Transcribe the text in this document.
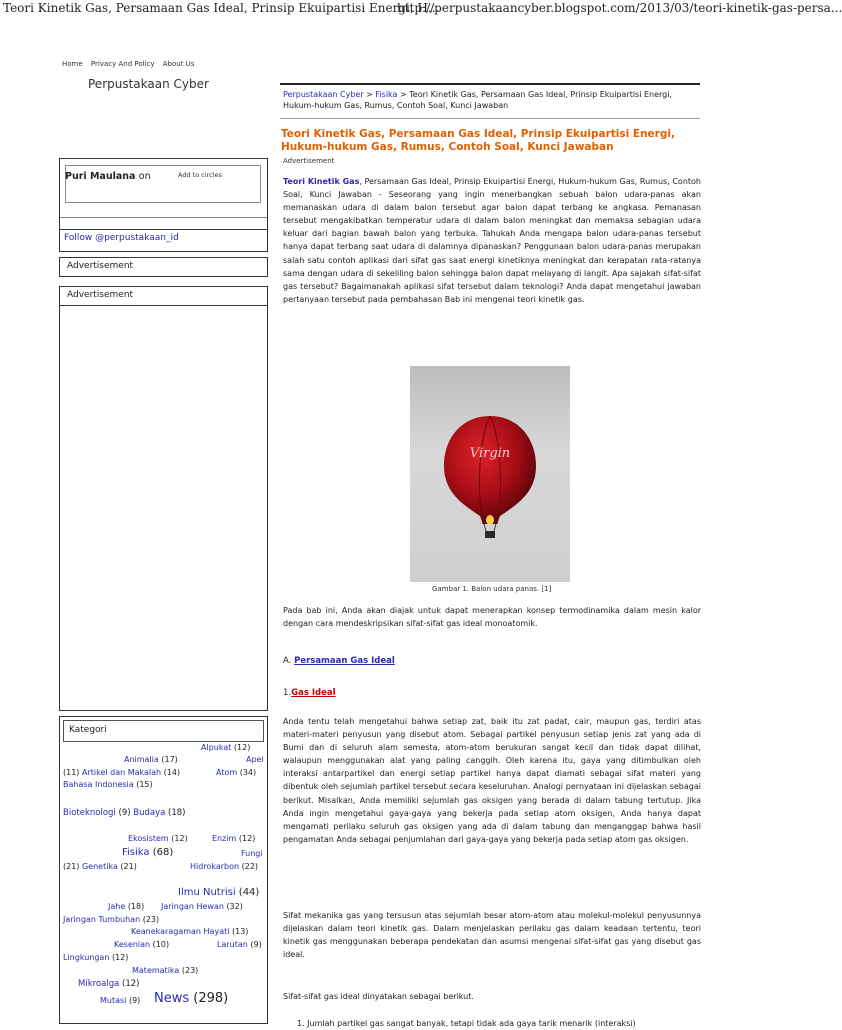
Teori Kinetik Gas, Persamaan Gas Ideal, Prinsip Ekuipartisi Energi, H...
http://perpustakaancyber.blogspot.com/2013/03/teori-kinetik-gas-persa...
Home Privacy And Policy About Us
Perpustakaan Cyber
Puri Maulana on	Add to circles
Follow @perpustakaan_id
Advertisement
Advertisement
Kategori
Alpukat (12)
Animalia (17)	Apel
(11) Artikel dan Makalah (14)	Atom (34)
Bahasa Indonesia (15)
Bioteknologi (9) Budaya (18)
Ekosistem (12)	Enzim (12)
Fisika (68)	Fungi
(21) Genetika (21)	Hidrokarbon (22)
Ilmu Nutrisi (44)
Jahe (18) Jaringan Hewan (32)
Jaringan Tumbuhan (23)
Keanekaragaman Hayati (13)
Kesenian (10)	Larutan (9)
Lingkungan (12)
Matematika (23)
Mikroalga (12)
Mutasi (9) News (298)
Perpustakaan Cyber > Fisika > Teori Kinetik Gas, Persamaan Gas Ideal, Prinsip Ekuipartisi Energi, Hukum-hukum Gas, Rumus, Contoh Soal, Kunci Jawaban
Teori Kinetik Gas, Persamaan Gas Ideal, Prinsip Ekuipartisi Energi, Hukum-hukum Gas, Rumus, Contoh Soal, Kunci Jawaban
Advertisement
Teori Kinetik Gas, Persamaan Gas Ideal, Prinsip Ekuipartisi Energi, Hukum-hukum Gas, Rumus, Contoh Soal, Kunci Jawaban - Seseorang yang ingin menerbangkan sebuah balon udara-panas akan memanaskan udara di dalam balon tersebut agar balon dapat terbang ke angkasa. Pemanasan tersebut mengakibatkan temperatur udara di dalam balon meningkat dan memaksa sebagian udara keluar dari bagian bawah balon yang terbuka. Tahukah Anda mengapa balon udara-panas tersebut hanya dapat terbang saat udara di dalamnya dipanaskan? Penggunaan balon udara-panas merupakan salah satu contoh aplikasi dari sifat gas saat energi kinetiknya meningkat dan kerapatan rata-ratanya sama dengan udara di sekeliling balon sehingga balon dapat melayang di langit. Apa sajakah sifat-sifat gas tersebut? Bagaimanakah aplikasi sifat tersebut dalam teknologi? Anda dapat mengetahui jawaban pertanyaan tersebut pada pembahasan Bab ini mengenai teori kinetik gas.
Virgin
Gambar 1. Balon udara panas. [1]
Pada bab ini, Anda akan diajak untuk dapat menerapkan konsep termodinamika dalam mesin kalor dengan cara mendeskripsikan sifat-sifat gas ideal monoatomik.
A. Persamaan Gas Ideal
1.Gas Ideal
Anda tentu telah mengetahui bahwa setiap zat, baik itu zat padat, cair, maupun gas, terdiri atas materi-materi penyusun yang disebut atom. Sebagai partikel penyusun setiap jenis zat yang ada di Bumi dan di seluruh alam semesta, atom-atom berukuran sangat kecil dan tidak dapat dilihat, walaupun menggunakan alat yang paling canggih. Oleh karena itu, gaya yang ditimbulkan oleh interaksi antarpartikel dan energi setiap partikel hanya dapat diamati sebagai sifat materi yang dibentuk oleh sejumlah partikel tersebut secara keseluruhan. Analogi pernyataan ini dijelaskan sebagai berikut. Misalkan, Anda memiliki sejumlah gas oksigen yang berada di dalam tabung tertutup. Jika Anda ingin mengetahui gaya-gaya yang bekerja pada setiap atom oksigen, Anda hanya dapat mengamati perilaku seluruh gas oksigen yang ada di dalam tabung dan menganggap bahwa hasil pengamatan Anda sebagai penjumlahan dari gaya-gaya yang bekerja pada setiap atom gas oksigen.
Sifat mekanika gas yang tersusun atas sejumlah besar atom-atom atau molekul-molekul penyusunnya dijelaskan dalam teori kinetik gas. Dalam menjelaskan perilaku gas dalam keadaan tertentu, teori kinetik gas menggunakan beberapa pendekatan dan asumsi mengenai sifat-sifat gas yang disebut gas ideal.
Sifat-sifat gas ideal dinyatakan sebagai berikut.
1. Jumlah partikel gas sangat banyak, tetapi tidak ada gaya tarik menarik (interaksi)
